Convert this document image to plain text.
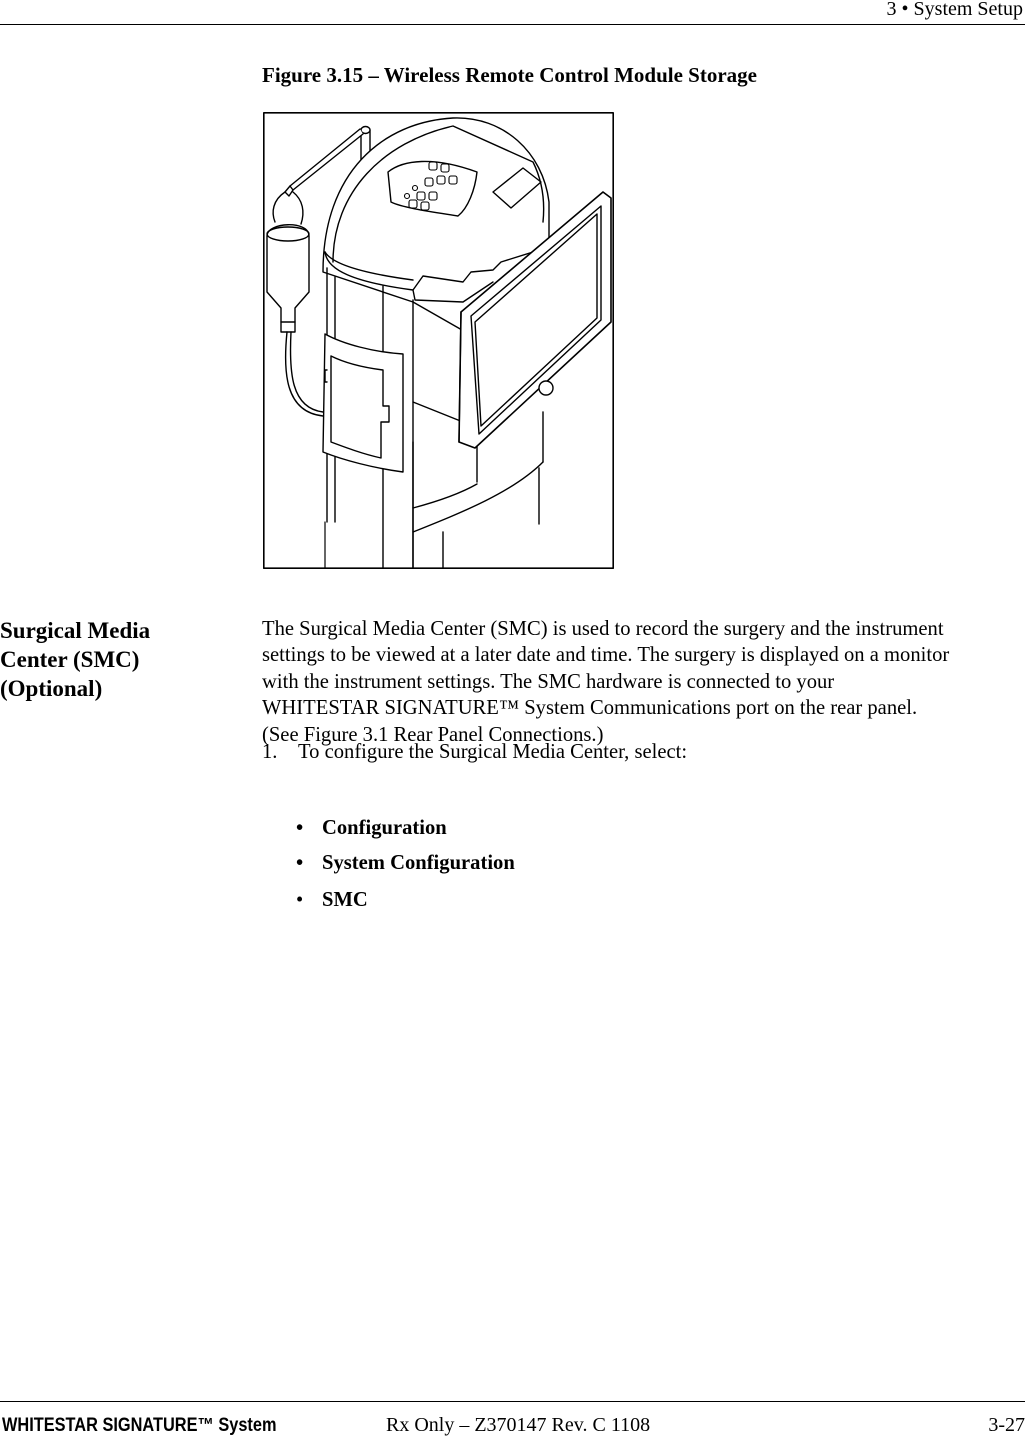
3 • System Setup
Figure 3.15 – Wireless Remote Control Module Storage
Surgical Media
Center (SMC)
(Optional)
The Surgical Media Center (SMC) is used to record the surgery and the instrument
settings to be viewed at a later date and time. The surgery is displayed on a monitor
with the instrument settings. The SMC hardware is connected to your
WHITESTAR SIGNATURE™ System Communications port on the rear panel.
(See Figure 3.1 Rear Panel Connections.)
1. To configure the Surgical Media Center, select:
• Configuration
• System Configuration
• SMC
WHITESTAR SIGNATURE™ System	Rx Only – Z370147 Rev. C 1108	3-27
